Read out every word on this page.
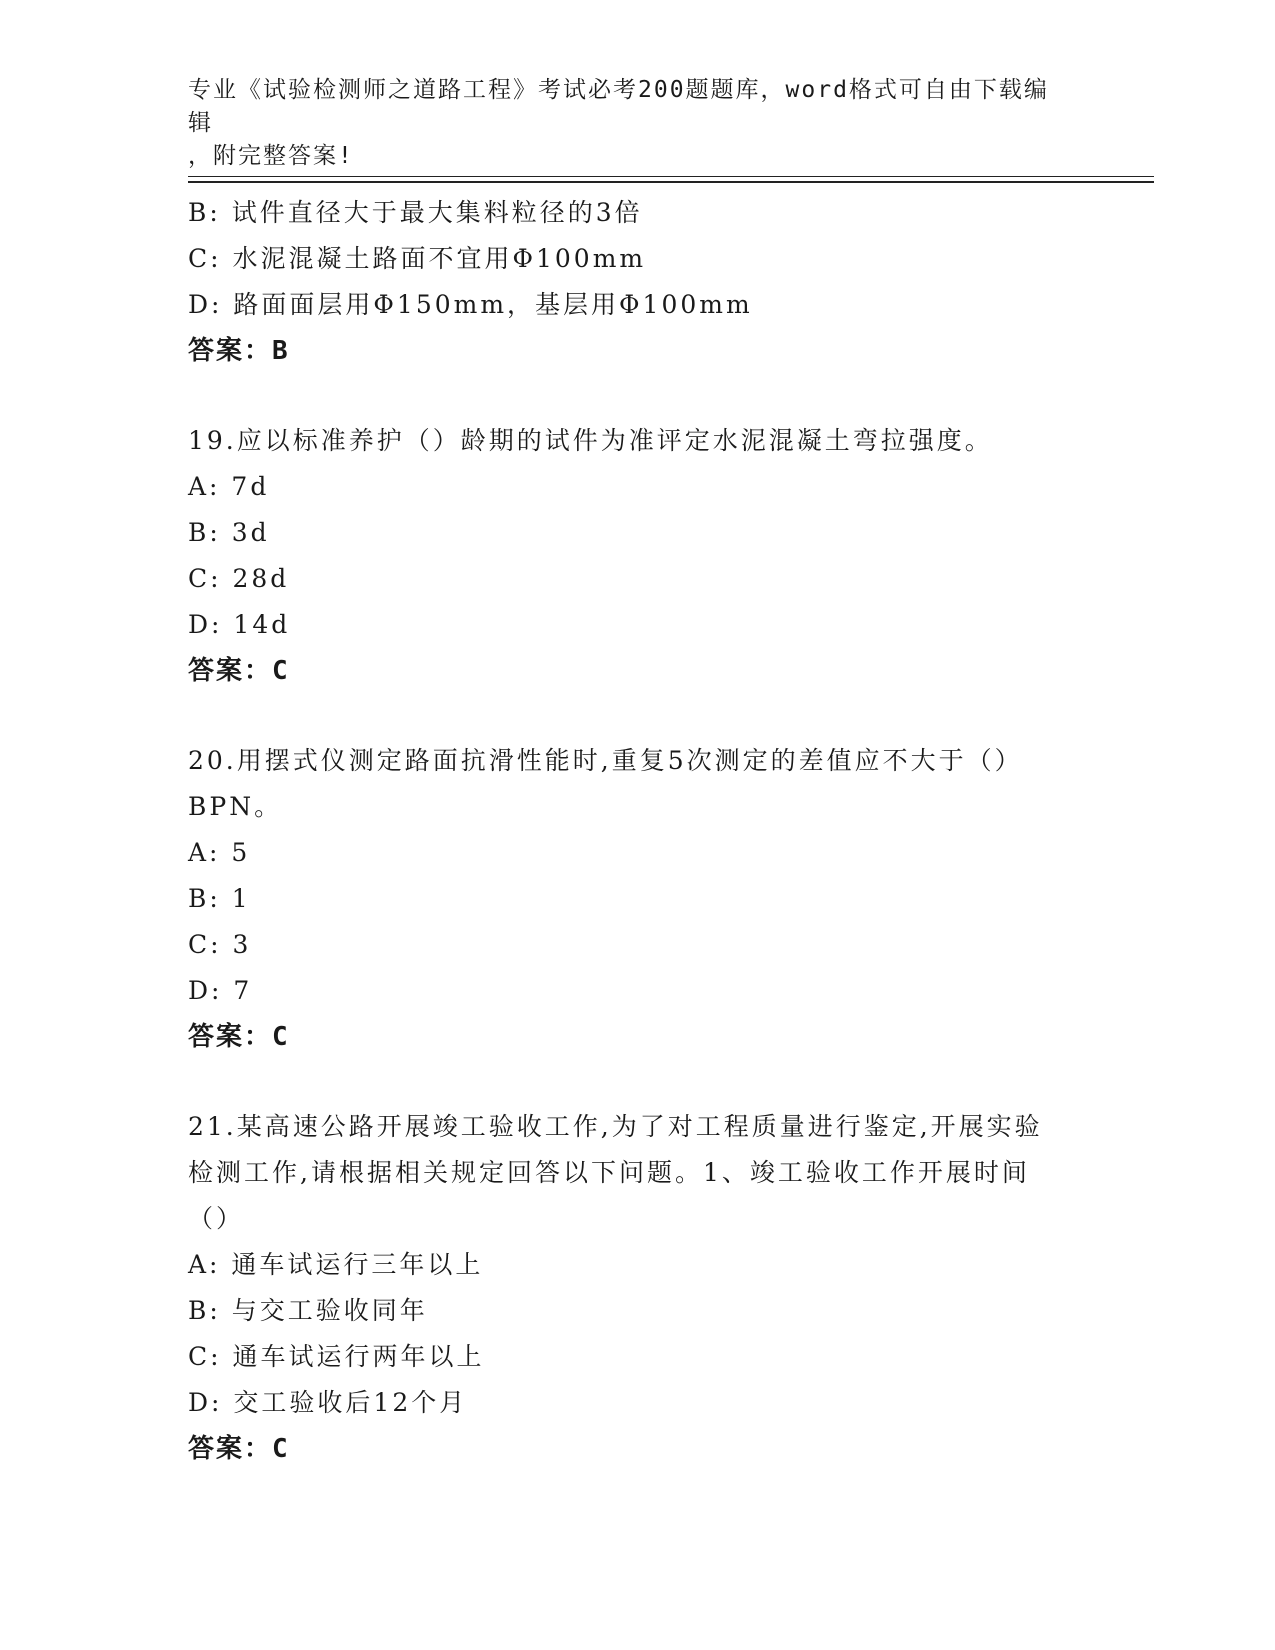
专业《试验检测师之道路工程》考试必考200题题库，word格式可自由下载编辑
，附完整答案!
B: 试件直径大于最大集料粒径的3倍
C: 水泥混凝土路面不宜用Φ100mm
D: 路面面层用Φ150mm，基层用Φ100mm
答案：B
19.应以标准养护（）龄期的试件为准评定水泥混凝土弯拉强度。
A: 7d
B: 3d
C: 28d
D: 14d
答案：C
20.用摆式仪测定路面抗滑性能时,重复5次测定的差值应不大于（）BPN。
A: 5
B: 1
C: 3
D: 7
答案：C
21.某高速公路开展竣工验收工作,为了对工程质量进行鉴定,开展实验检测工作,请根据相关规定回答以下问题。1、竣工验收工作开展时间（）
A: 通车试运行三年以上
B: 与交工验收同年
C: 通车试运行两年以上
D: 交工验收后12个月
答案：C
